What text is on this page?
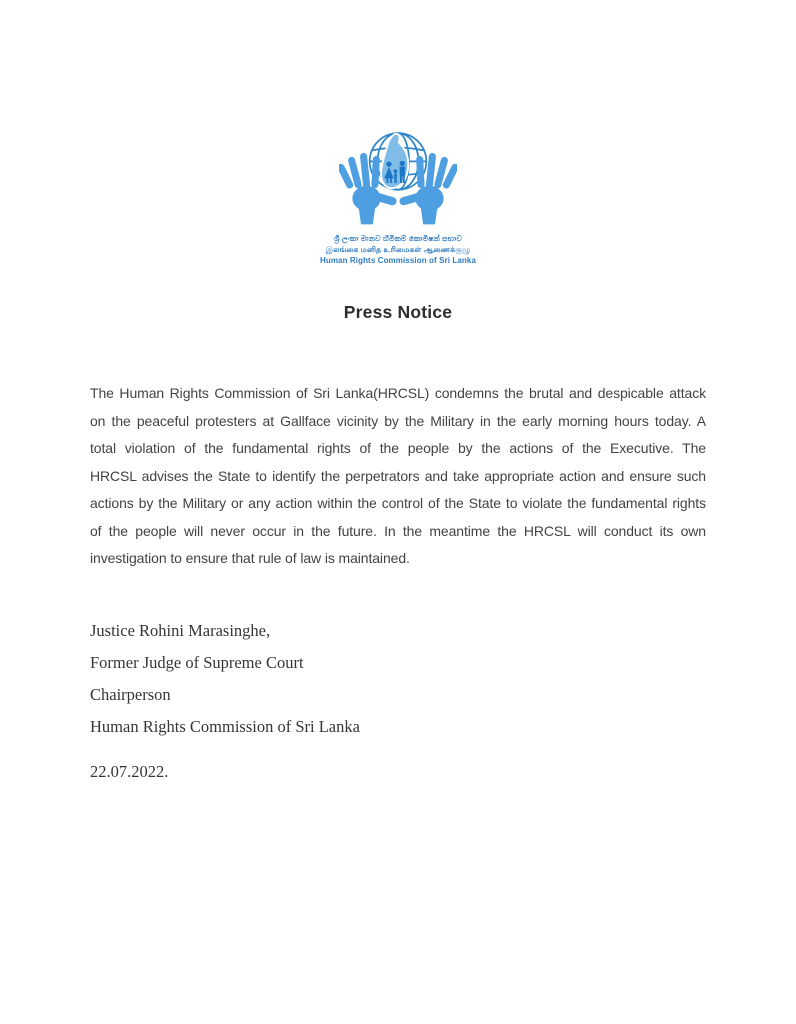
ශ්‍රී ලංකා මානව හිමිකම් කොමිෂන් සභාව
இலங்கை மனித உரிமைகள் ஆணைக்குழு
Human Rights Commission of Sri Lanka
Press Notice
The Human Rights Commission of Sri Lanka(HRCSL) condemns the brutal and despicable attack
on the peaceful protesters at Gallface vicinity by the Military in the early morning hours today. A
total violation of the fundamental rights of the people by the actions of the Executive. The
HRCSL advises the State to identify the perpetrators and take appropriate action and ensure such
actions by the Military or any action within the control of the State to violate the fundamental rights
of the people will never occur in the future. In the meantime the HRCSL will conduct its own
investigation to ensure that rule of law is maintained.
Justice Rohini Marasinghe,
Former Judge of Supreme Court
Chairperson
Human Rights Commission of Sri Lanka
22.07.2022.
